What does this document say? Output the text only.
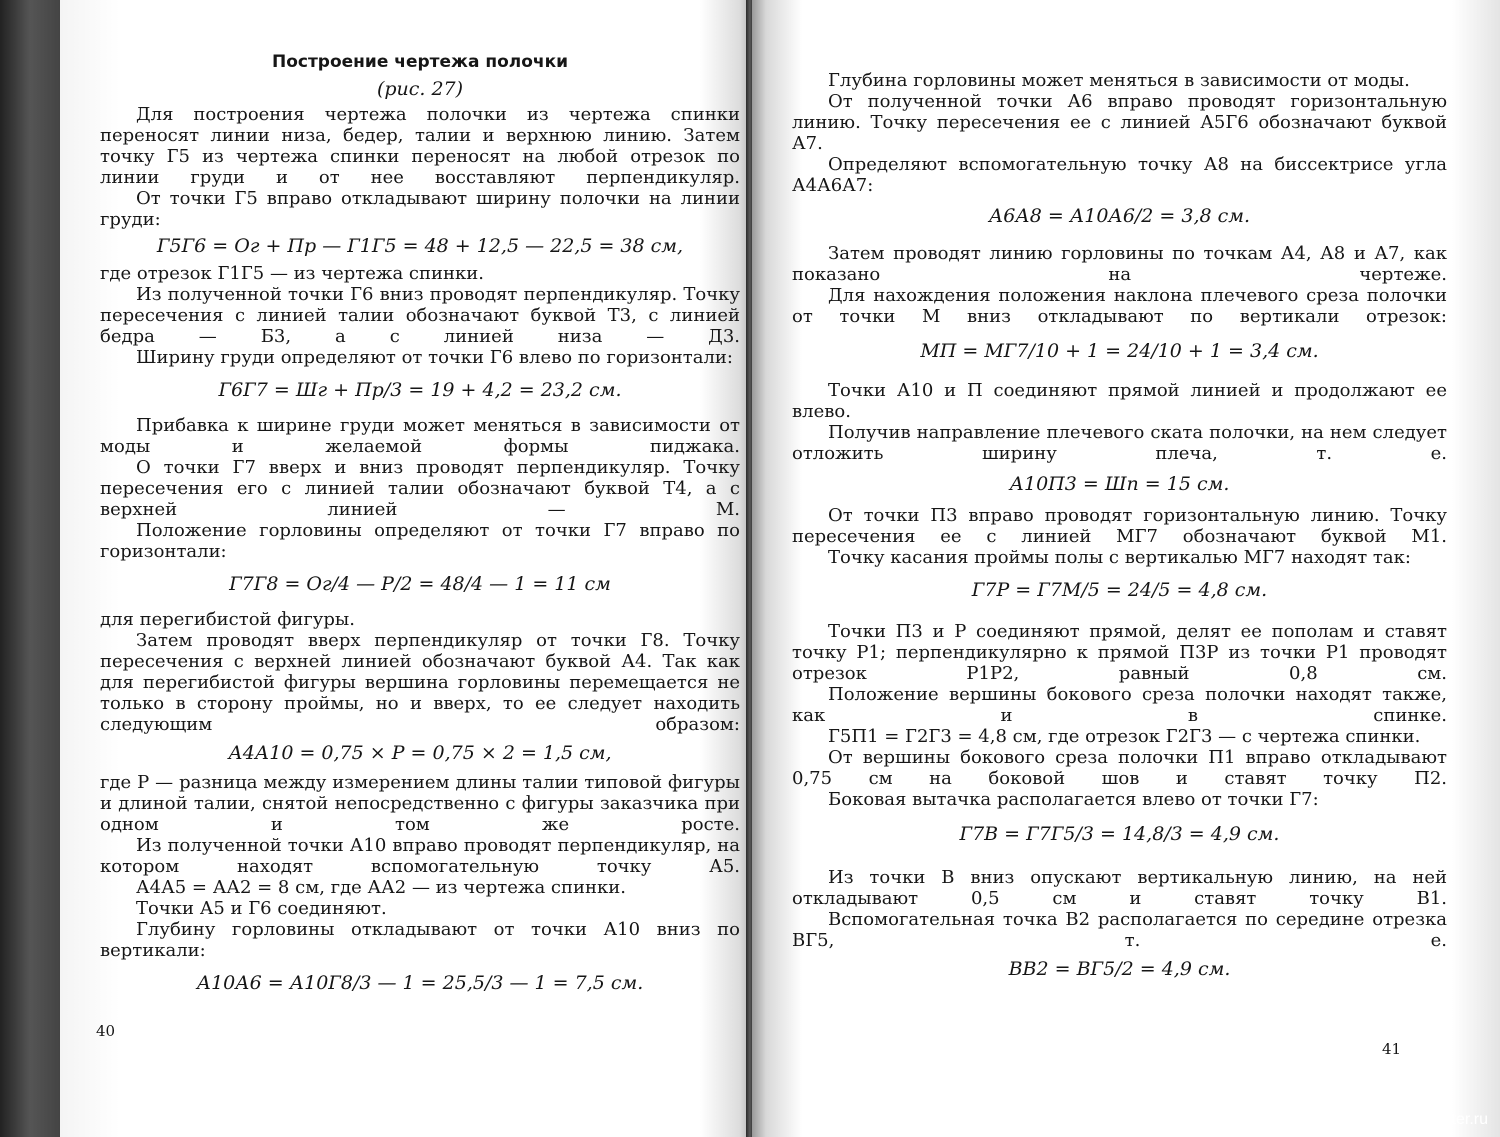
Построение чертежа полочки

(рис. 27)

Для построения чертежа полочки из чертежа спинки переносят линии низа, бедер, талии и верхнюю линию. Затем точку Г5 из чертежа спинки переносят на любой отрезок по линии груди и от нее восставляют перпендикуляр.

От точки Г5 вправо откладывают ширину полочки на линии груди:

Г5Г6 = Ог + Пр — Г1Г5 = 48 + 12,5 — 22,5 = 38 см,

где отрезок Г1Г5 — из чертежа спинки.

Из полученной точки Г6 вниз проводят перпендикуляр. Точку пересечения с линией талии обозначают буквой Т3, с линией бедра — Б3, а с линией низа — Д3.

Ширину груди определяют от точки Г6 влево по горизонтали:

Г6Г7 = Шг + Пр/3 = 19 + 4,2 = 23,2 см.

Прибавка к ширине груди может меняться в зависимости от моды и желаемой формы пиджака.

О точки Г7 вверх и вниз проводят перпендикуляр. Точку пересечения его с линией талии обозначают буквой Т4, а с верхней линией — М.

Положение горловины определяют от точки Г7 вправо по горизонтали:

Г7Г8 = Ог/4 — Р/2 = 48/4 — 1 = 11 см

для перегибистой фигуры.

Затем проводят вверх перпендикуляр от точки Г8. Точку пересечения с верхней линией обозначают буквой А4. Так как для перегибистой фигуры вершина горловины перемещается не только в сторону проймы, но и вверх, то ее следует находить следующим образом:

А4А10 = 0,75 × Р = 0,75 × 2 = 1,5 см,

где Р — разница между измерением длины талии типовой фигуры и длиной талии, снятой непосредственно с фигуры заказчика при одном и том же росте.

Из полученной точки А10 вправо проводят перпендикуляр, на котором находят вспомогательную точку А5.

А4А5 = АА2 = 8 см, где АА2 — из чертежа спинки.

Точки А5 и Г6 соединяют.

Глубину горловины откладывают от точки А10 вниз по вертикали:

А10А6 = А10Г8/3 — 1 = 25,5/3 — 1 = 7,5 см.

40

Глубина горловины может меняться в зависимости от моды.

От полученной точки А6 вправо проводят горизонтальную линию. Точку пересечения ее с линией А5Г6 обозначают буквой А7.

Определяют вспомогательную точку А8 на биссектрисе угла А4А6А7:

А6А8 = А10А6/2 = 3,8 см.

Затем проводят линию горловины по точкам А4, А8 и А7, как показано на чертеже.

Для нахождения положения наклона плечевого среза полочки от точки М вниз откладывают по вертикали отрезок:

МП = МГ7/10 + 1 = 24/10 + 1 = 3,4 см.

Точки А10 и П соединяют прямой линией и продолжают ее влево.

Получив направление плечевого ската полочки, на нем следует отложить ширину плеча, т. е.

А10П3 = Шп = 15 см.

От точки П3 вправо проводят горизонтальную линию. Точку пересечения ее с линией МГ7 обозначают буквой М1.

Точку касания проймы полы с вертикалью МГ7 находят так:

Г7Р = Г7М/5 = 24/5 = 4,8 см.

Точки П3 и Р соединяют прямой, делят ее пополам и ставят точку Р1; перпендикулярно к прямой П3Р из точки Р1 проводят отрезок Р1Р2, равный 0,8 см.

Положение вершины бокового среза полочки находят также, как и в спинке.

Г5П1 = Г2Г3 = 4,8 см, где отрезок Г2Г3 — с чертежа спинки.

От вершины бокового среза полочки П1 вправо откладывают 0,75 см на боковой шов и ставят точку П2.

Боковая вытачка располагается влево от точки Г7:

Г7В = Г7Г5/3 = 14,8/3 = 4,9 см.

Из точки В вниз опускают вертикальную линию, на ней откладывают 0,5 см и ставят точку В1.

Вспомогательная точка В2 располагается по середине отрезка ВГ5, т. е.

ВВ2 = ВГ5/2 = 4,9 см.

41
⚙ ecolife23.livemaster.ru
